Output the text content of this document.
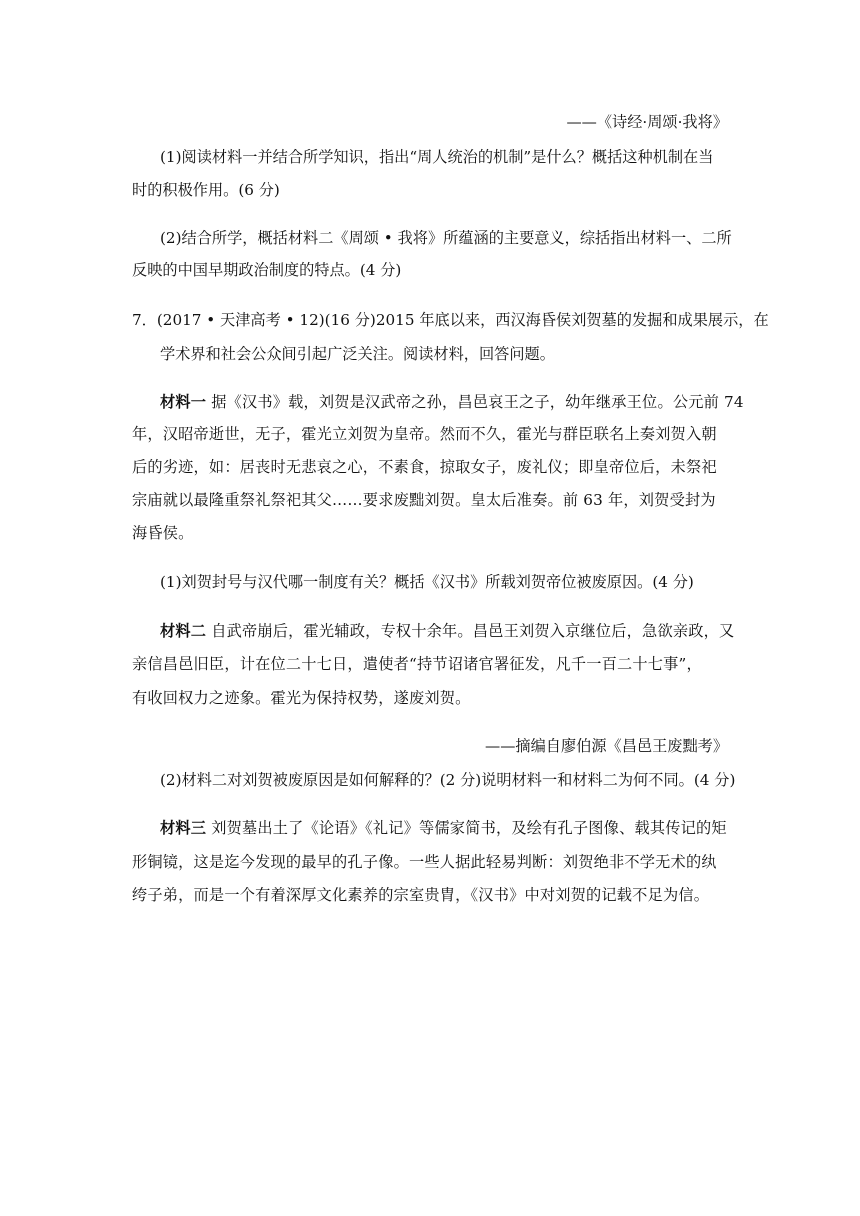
——《诗经·周颂·我将》
(1)阅读材料一并结合所学知识，指出“周人统治的机制”是什么？概括这种机制在当
时的积极作用。(6 分)
(2)结合所学，概括材料二《周颂 • 我将》所蕴涵的主要意义，综括指出材料一、二所
反映的中国早期政治制度的特点。(4 分)
7．(2017 • 天津高考 • 12)(16 分)2015 年底以来，西汉海昏侯刘贺墓的发掘和成果展示，在
学术界和社会公众间引起广泛关注。阅读材料，回答问题。
材料一 据《汉书》载，刘贺是汉武帝之孙，昌邑哀王之子，幼年继承王位。公元前 74
年，汉昭帝逝世，无子，霍光立刘贺为皇帝。然而不久，霍光与群臣联名上奏刘贺入朝
后的劣迹，如：居丧时无悲哀之心，不素食，掠取女子，废礼仪；即皇帝位后，未祭祀
宗庙就以最隆重祭礼祭祀其父……要求废黜刘贺。皇太后准奏。前 63 年，刘贺受封为
海昏侯。
(1)刘贺封号与汉代哪一制度有关？概括《汉书》所载刘贺帝位被废原因。(4 分)
材料二 自武帝崩后，霍光辅政，专权十余年。昌邑王刘贺入京继位后，急欲亲政，又
亲信昌邑旧臣，计在位二十七日，遣使者“持节诏诸官署征发，凡千一百二十七事”，
有收回权力之迹象。霍光为保持权势，遂废刘贺。
——摘编自廖伯源《昌邑王废黜考》
(2)材料二对刘贺被废原因是如何解释的？(2 分)说明材料一和材料二为何不同。(4 分)
材料三 刘贺墓出土了《论语》《礼记》等儒家简书，及绘有孔子图像、载其传记的矩
形铜镜，这是迄今发现的最早的孔子像。一些人据此轻易判断：刘贺绝非不学无术的纨
绔子弟，而是一个有着深厚文化素养的宗室贵胄，《汉书》中对刘贺的记载不足为信。
